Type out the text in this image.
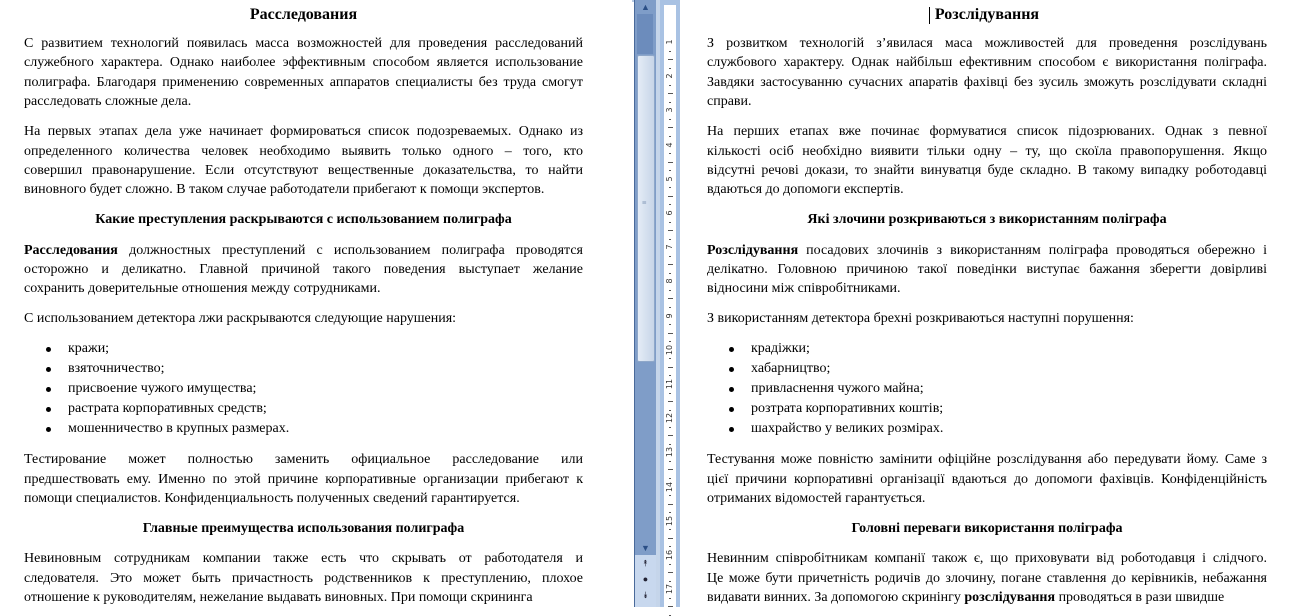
Расследования
С развитием технологий появилась масса возможностей для проведения расследований
служебного характера. Однако наиболее эффективным способом является использование
полиграфа. Благодаря применению современных аппаратов специалисты без труда смогут
расследовать сложные дела.
На первых этапах дела уже начинает формироваться список подозреваемых. Однако из
определенного количества человек необходимо выявить только одного – того, кто
совершил правонарушение. Если отсутствуют вещественные доказательства, то найти
виновного будет сложно. В таком случае работодатели прибегают к помощи экспертов.
Какие преступления раскрываются с использованием полиграфа
Расследования должностных преступлений с использованием полиграфа проводятся
осторожно и деликатно. Главной причиной такого поведения выступает желание
сохранить доверительные отношения между сотрудниками.
С использованием детектора лжи раскрываются следующие нарушения:
кражи;
взяточничество;
присвоение чужого имущества;
растрата корпоративных средств;
мошенничество в крупных размерах.
Тестирование может полностью заменить официальное расследование или
предшествовать ему. Именно по этой причине корпоративные организации прибегают к
помощи специалистов. Конфиденциальность полученных сведений гарантируется.
Главные преимущества использования полиграфа
Невиновным сотрудникам компании также есть что скрывать от работодателя и
следователя. Это может быть причастность родственников к преступлению, плохое
отношение к руководителям, нежелание выдавать виновных. При помощи скрининга
▲
≡
▼
⯭
●
⯯
1
2
3
4
5
6
7
8
9
10
11
12
13
14
15
16
17
Розслідування
З розвитком технологій з’явилася маса можливостей для проведення розслідувань
службового характеру. Однак найбільш ефективним способом є використання поліграфа.
Завдяки застосуванню сучасних апаратів фахівці без зусиль зможуть розслідувати складні
справи.
На перших етапах вже починає формуватися список підозрюваних. Однак з певної
кількості осіб необхідно виявити тільки одну – ту, що скоїла правопорушення. Якщо
відсутні речові докази, то знайти винуватця буде складно. В такому випадку роботодавці
вдаються до допомоги експертів.
Які злочини розкриваються з використанням поліграфа
Розслідування посадових злочинів з використанням поліграфа проводяться обережно і
делікатно. Головною причиною такої поведінки виступає бажання зберегти довірливі
відносини між співробітниками.
З використанням детектора брехні розкриваються наступні порушення:
крадіжки;
хабарництво;
привласнення чужого майна;
розтрата корпоративних коштів;
шахрайство у великих розмірах.
Тестування може повністю замінити офіційне розслідування або передувати йому. Саме з
цієї причини корпоративні організації вдаються до допомоги фахівців. Конфіденційність
отриманих відомостей гарантується.
Головні переваги використання поліграфа
Невинним співробітникам компанії також є, що приховувати від роботодавця і слідчого.
Це може бути причетність родичів до злочину, погане ставлення до керівників, небажання
видавати винних. За допомогою скринінгу розслідування проводяться в рази швидше
